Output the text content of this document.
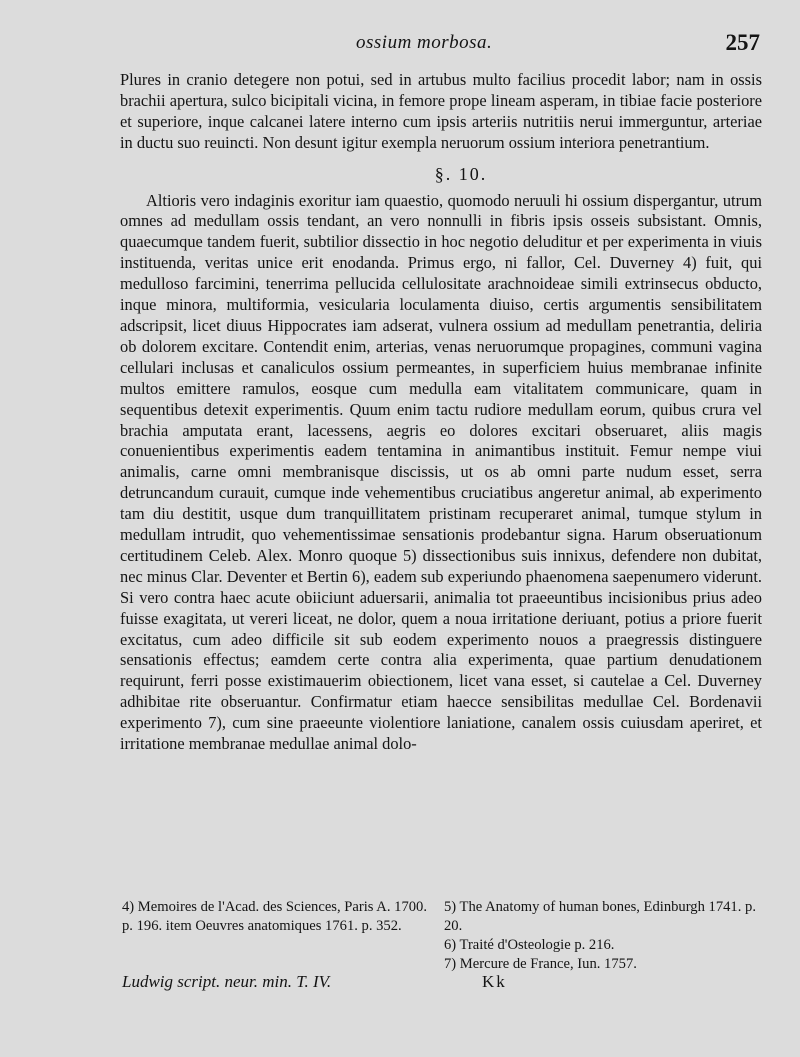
ossium morbosa.	257

Plures in cranio detegere non potui, sed in artubus multo facilius procedit labor; nam in ossis brachii apertura, sulco bicipitali vicina, in femore prope lineam asperam, in tibiae facie posteriore et superiore, inque calcanei latere interno cum ipsis arteriis nutritiis nerui immerguntur, arteriae in ductu suo reuincti. Non desunt igitur exempla neruorum ossium interiora penetrantium.

§. 10.

Altioris vero indaginis exoritur iam quaestio, quomodo neruuli hi ossium dispergantur, utrum omnes ad medullam ossis tendant, an vero nonnulli in fibris ipsis osseis subsistant. Omnis, quaecumque tandem fuerit, subtilior dissectio in hoc negotio deluditur et per experimenta in viuis instituenda, veritas unice erit enodanda. Primus ergo, ni fallor, Cel. Duverney 4) fuit, qui medulloso farcimini, tenerrima pellucida cellulositate arachnoideae simili extrinsecus obducto, inque minora, multiformia, vesicularia loculamenta diuiso, certis argumentis sensibilitatem adscripsit, licet diuus Hippocrates iam adserat, vulnera ossium ad medullam penetrantia, deliria ob dolorem excitare. Contendit enim, arterias, venas neruorumque propagines, communi vagina cellulari inclusas et canaliculos ossium permeantes, in superficiem huius membranae infinite multos emittere ramulos, eosque cum medulla eam vitalitatem communicare, quam in sequentibus detexit experimentis. Quum enim tactu rudiore medullam eorum, quibus crura vel brachia amputata erant, lacessens, aegris eo dolores excitari obseruaret, aliis magis conuenientibus experimentis eadem tentamina in animantibus instituit. Femur nempe viui animalis, carne omni membranisque discissis, ut os ab omni parte nudum esset, serra detruncandum curauit, cumque inde vehementibus cruciatibus angeretur animal, ab experimento tam diu destitit, usque dum tranquillitatem pristinam recuperaret animal, tumque stylum in medullam intrudit, quo vehementissimae sensationis prodebantur signa. Harum obseruationum certitudinem Celeb. Alex. Monro quoque 5) dissectionibus suis innixus, defendere non dubitat, nec minus Clar. Deventer et Bertin 6), eadem sub experiundo phaenomena saepenumero viderunt. Si vero contra haec acute obiiciunt aduersarii, animalia tot praeeuntibus incisionibus prius adeo fuisse exagitata, ut vereri liceat, ne dolor, quem a noua irritatione deriuant, potius a priore fuerit excitatus, cum adeo difficile sit sub eodem experimento nouos a praegressis distinguere sensationis effectus; eamdem certe contra alia experimenta, quae partium denudationem requirunt, ferri posse existimauerim obiectionem, licet vana esset, si cautelae a Cel. Duverney adhibitae rite obseruantur. Confirmatur etiam haecce sensibilitas medullae Cel. Bordenavii experimento 7), cum sine praeeunte violentiore laniatione, canalem ossis cuiusdam aperiret, et irritatione membranae medullae animal dolo-

4) Memoires de l'Acad. des Sciences, Paris A. 1700. p. 196. item Oeuvres anatomiques 1761. p. 352.
5) The Anatomy of human bones, Edinburgh 1741. p. 20.
6) Traité d'Osteologie p. 216.
7) Mercure de France, Iun. 1757.
Ludwig script. neur. min. T. IV.	Kk
